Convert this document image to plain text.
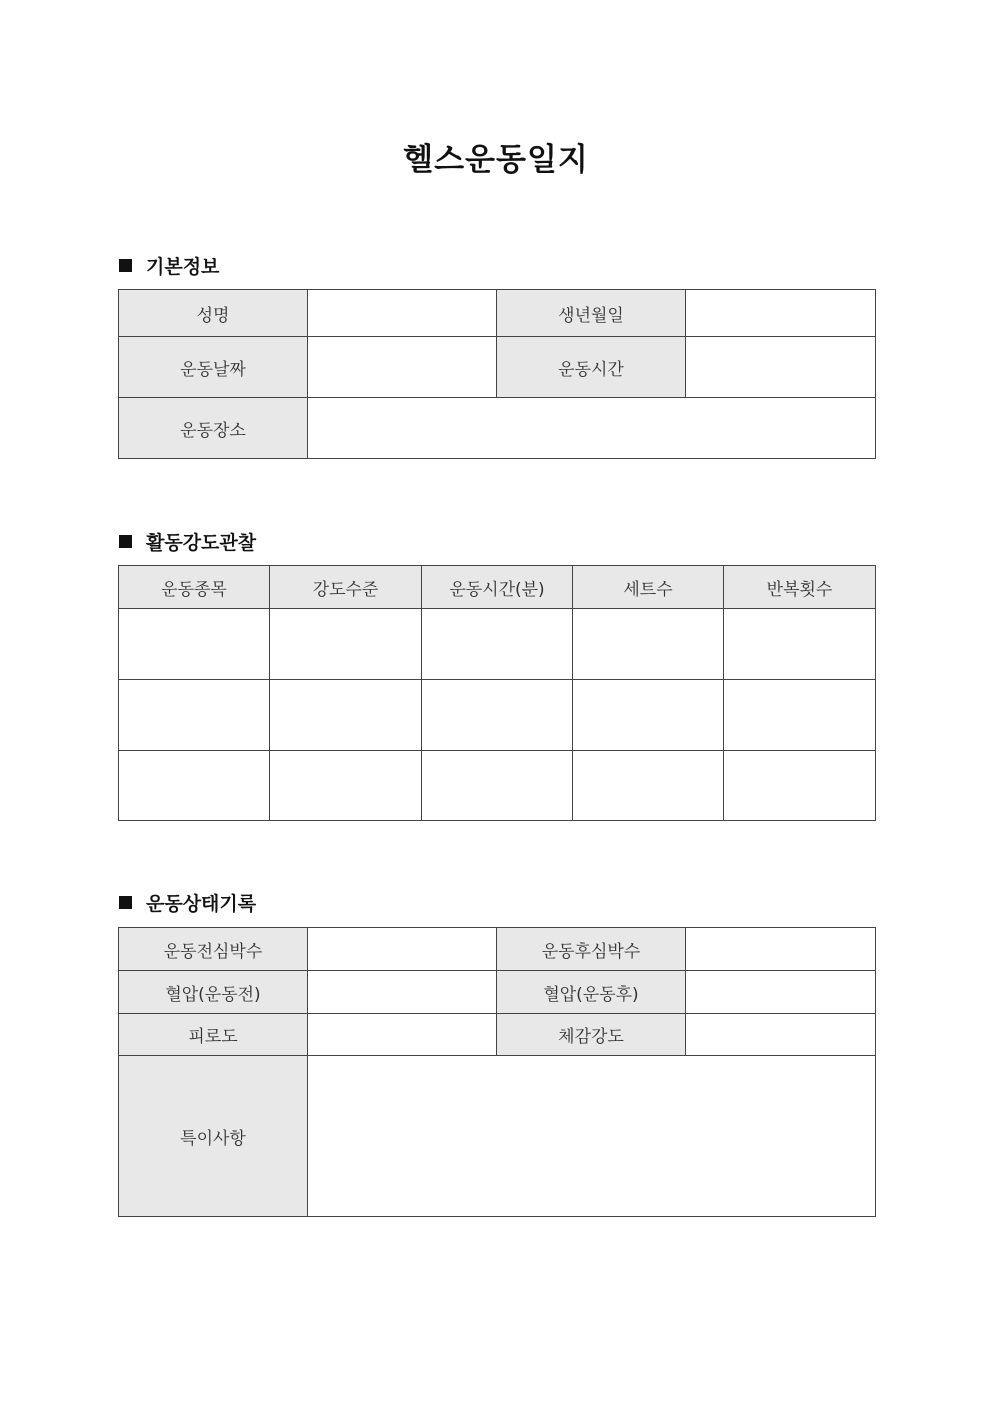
헬스운동일지
기본정보
성명		생년월일	
운동날짜		운동시간	
운동장소			
활동강도관찰
운동종목	강도수준	운동시간(분)	세트수	반복횟수

운동상태기록
운동전심박수		운동후심박수	
혈압(운동전)		혈압(운동후)	
피로도		체감강도	
특이사항			
